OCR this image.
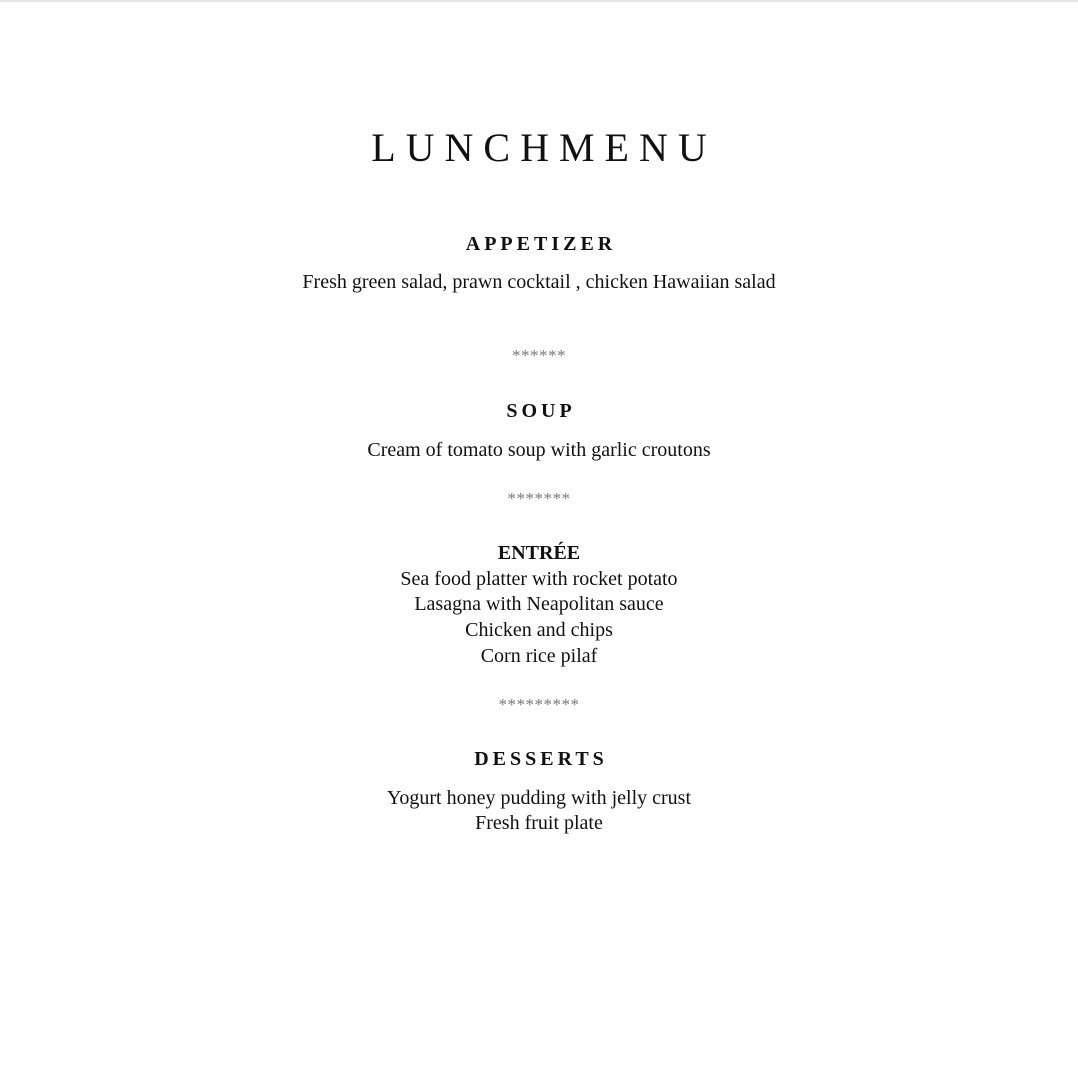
LUNCHMENU
APPETIZER

Fresh green salad, prawn cocktail , chicken Hawaiian salad

******

SOUP

Cream of tomato soup with garlic croutons

*******

ENTRÉE

Sea food platter with rocket potato

Lasagna with Neapolitan sauce

Chicken and chips

Corn rice pilaf

*********

DESSERTS

Yogurt honey pudding with jelly crust

Fresh fruit plate
